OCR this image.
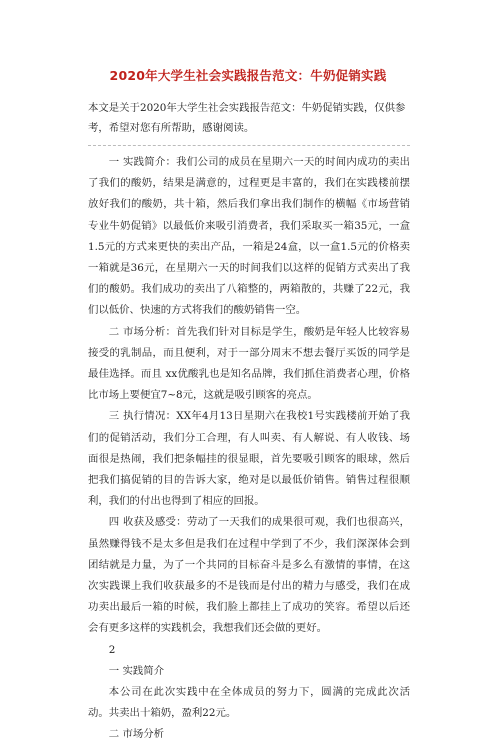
2020年大学生社会实践报告范文：牛奶促销实践

本文是关于2020年大学生社会实践报告范文：牛奶促销实践，仅供参考，希望对您有所帮助，感谢阅读。

一 实践简介：我们公司的成员在星期六一天的时间内成功的卖出了我们的酸奶，结果是满意的，过程更是丰富的，我们在实践楼前摆放好我们的酸奶，共十箱，然后我们拿出我们制作的横幅《市场营销专业牛奶促销》以最低价来吸引消费者，我们采取买一箱35元，一盒1.5元的方式来更快的卖出产品，一箱是24盒，以一盒1.5元的价格卖一箱就是36元，在星期六一天的时间我们以这样的促销方式卖出了我们的酸奶。我们成功的卖出了八箱整的，两箱散的，共赚了22元，我们以低价、快速的方式将我们的酸奶销售一空。

二 市场分析：首先我们针对目标是学生，酸奶是年轻人比较容易接受的乳制品，而且便利，对于一部分周末不想去餐厅买饭的同学是最佳选择。而且 xx优酸乳也是知名品牌，我们抓住消费者心理，价格比市场上要便宜7~8元，这就是吸引顾客的亮点。

三 执行情况：XX年4月13日星期六在我校1号实践楼前开始了我们的促销活动，我们分工合理，有人叫卖、有人解说、有人收钱、场面很是热闹，我们把条幅挂的很显眼，首先要吸引顾客的眼球，然后把我们搞促销的目的告诉大家，绝对是以最低价销售。销售过程很顺利，我们的付出也得到了相应的回报。

四 收获及感受：劳动了一天我们的成果很可观，我们也很高兴，虽然赚得钱不是太多但是我们在过程中学到了不少，我们深深体会到团结就是力量，为了一个共同的目标奋斗是多么有激情的事情，在这次实践课上我们收获最多的不是钱而是付出的精力与感受，我们在成功卖出最后一箱的时候，我们脸上都挂上了成功的笑容。希望以后还会有更多这样的实践机会，我想我们还会做的更好。

2

一 实践简介

本公司在此次实践中在全体成员的努力下，圆满的完成此次活动。共卖出十箱奶，盈利22元。

二 市场分析
